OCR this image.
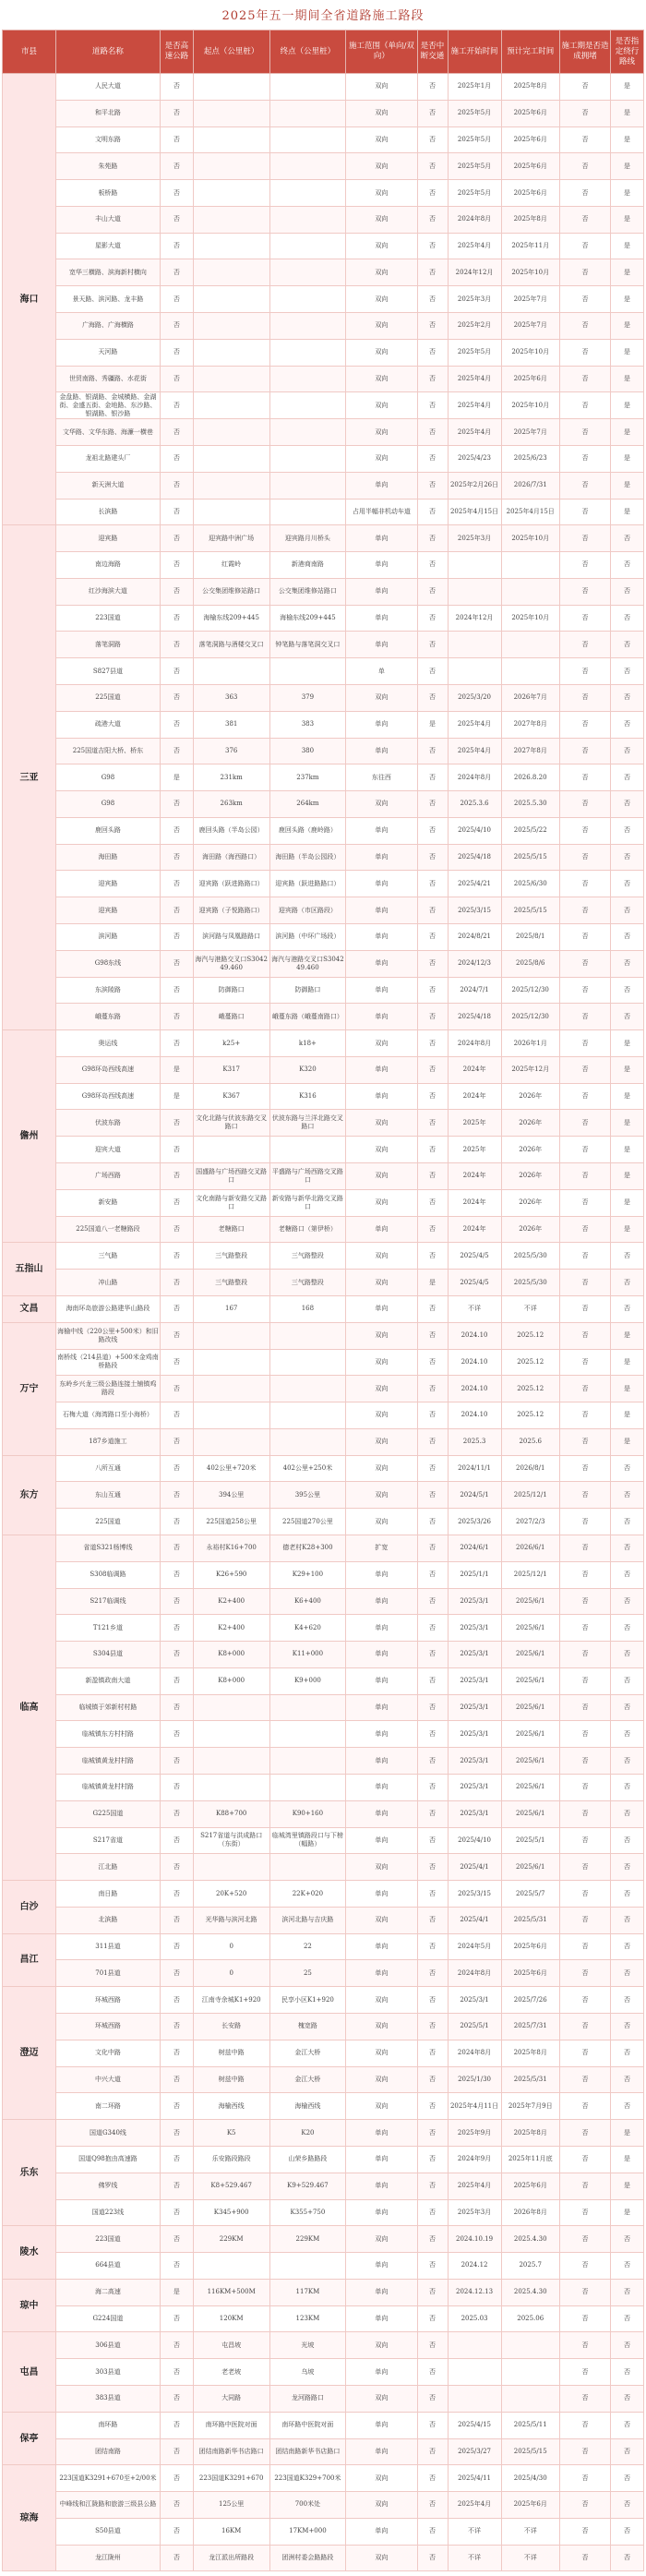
2025年五一期间全省道路施工路段
市县	道路名称	是否高速公路	起点（公里桩）	终点（公里桩）	施工范围（单向/双向）	是否中断交通	施工开始时间	预计完工时间	施工期是否造成拥堵	是否指定绕行路线
海口	人民大道	否			双向	否	2025年1月	2025年8月	否	是
	和平北路	否			双向	否	2025年5月	2025年6月	否	是
	文明东路	否			双向	否	2025年5月	2025年6月	否	是
	朱苑路	否			双向	否	2025年5月	2025年6月	否	是
	板桥路	否			双向	否	2025年5月	2025年6月	否	是
	丰山大道	否			双向	否	2024年8月	2025年8月	否	是
	星影大道	否			双向	否	2025年4月	2025年11月	否	是
	宽华三横路、滨海新村横向	否			双向	否	2024年12月	2025年10月	否	是
	景天路、滨河路、龙丰路	否			双向	否	2025年3月	2025年7月	否	是
	广海路、广海横路	否			双向	否	2025年2月	2025年7月	否	是
	天河路	否			双向	否	2025年5月	2025年10月	否	是
	世贸南路、秀疆路、水花街	否			双向	否	2025年4月	2025年6月	否	是
	金盘路、银湖路、金城横路、金湖街、金盛五街、金地路、东沙路、银湖路、银沙路	否			双向	否	2025年4月	2025年10月	否	是
	文华路、文华东路、海濂一横巷	否			双向	否	2025年4月	2025年7月	否	是
	龙祖北路建头厂	否			双向	否	2025/4/23	2025/6/23	否	是
	新天洲大道	否			单向	否	2025年2月26日	2026/7/31	否	是
	长滨路	否			占用半幅非机动车道	否	2025年4月15日	2025年4月15日	否	是
三亚	迎宾路	否	迎宾路中洲广场	迎宾路月川桥头	单向	否	2025年3月	2025年10月	否	否
	南边海路	否	红霞岭	新港商南路	单向	否			否	否
	红沙海滨大道	否	公交集团维修站路口	公交集团维修站路口	单向	否			否	否
	223国道	否	海榆东线209+445	海榆东线209+445	单向	否	2024年12月	2025年10月	否	否
	落笔洞路	否	落笔洞路与酒楼交叉口	钟笔路与落笔洞交叉口	单向	否			否	否
	S827县道	否			单	否			否	否
	225国道	否	363	379	双向	否	2025/3/20	2026年7月	否	否
	疏港大道	否	381	383	单向	是	2025年4月	2027年8月	否	否
	225国道吉阳大桥、桥东	否	376	380	单向	否	2025年4月	2027年8月	否	否
	G98	是	231km	237km	东往西	否	2024年8月	2026.8.20	否	否
	G98	否	263km	264km	双向	否	2025.3.6	2025.5.30	否	否
	鹿回头路	否	鹿回头路（半岛公园）	鹿回头路（鹿岭路）	单向	否	2025/4/10	2025/5/22	否	否
	海田路	否	海田路（海西路口）	海田路（半岛公园段）	单向	否	2025/4/18	2025/5/15	否	否
	迎宾路	否	迎宾路（跃进路路口）	迎宾路（跃进路路口）	单向	否	2025/4/21	2025/6/30	否	否
	迎宾路	否	迎宾路（子悦路路口）	迎宾路（市区路段）	单向	否	2025/3/15	2025/5/15	否	否
	滨河路	否	滨河路与凤凰路路口	滨河路（中环广场段）	单向	否	2024/8/21	2025/8/1	否	否
	G98东线	否	海汽与港路交叉口S304249.460	海汽与港路交叉口S304249.460	单向	否	2024/12/3	2025/8/6	否	否
	东滨陵路	否	防御路口	防御路口	单向	否	2024/7/1	2025/12/30	否	否
	峨蔓东路	否	峨蔓路口	峨蔓东路（峨蔓南路口）	单向	否	2025/4/18	2025/12/30	否	否
儋州	奥运线	否	k25+	k18+	双向	否	2024年8月	2026年1月	否	是
	G98环岛西线高速	是	K317	K320	单向	否	2024年	2025年12月	否	是
	G98环岛西线高速	是	K367	K316	单向	否	2024年	2026年	否	是
	伏波东路	否	文化北路与伏波东路交叉路口	伏波东路与兰洋北路交叉路口	双向	否	2025年	2026年	否	是
	迎宾大道	否			双向	否	2025年	2026年	否	是
	广场西路	否	国盛路与广场西路交叉路口	平盛路与广场西路交叉路口	双向	否	2024年	2026年	否	是
	新安路	否	文化南路与新安路交叉路口	新安路与新华北路交叉路口	双向	否	2024年	2026年	否	是
	225国道八一老糖路段	否	老糖路口	老糖路口（第伊桥）	单向	否	2024年	2026年	否	是
五指山	三气路	否	三气路整段	三气路整段	双向	否	2025/4/5	2025/5/30	否	否
	冲山路	否	三气路整段	三气路整段	双向	是	2025/4/5	2025/5/30	否	否
文昌	海南环岛旅游公路建华山路段	否	167	168	单向	否	不详	不详	否	否
万宁	海榆中线（220公里+500米）和旧路改线	否			双向	否	2024.10	2025.12	否	是
	南桥线（214县道）+500米金鸡南桥路段	否			双向	否	2024.10	2025.12	否	是
	东岭乡兴龙三级公路连接土铺镇鸡路段	否			双向	否	2024.10	2025.12	否	是
	石梅大道（海湾路口至小海桥）	否			双向	否	2024.10	2025.12	否	是
	187乡道施工	否			双向	否	2025.3	2025.6	否	是
东方	八所互通	否	402公里+720米	402公里+250米	双向	否	2024/11/1	2026/8/1	否	否
	东山互通	否	394公里	395公里	双向	否	2024/5/1	2025/12/1	否	否
	225国道	否	225国道258公里	225国道270公里	双向	否	2025/3/26	2027/2/3	否	否
临高	省道S321杨博线	否	永裕村K16+700	德老村K28+300	扩宽	否	2024/6/1	2026/6/1	否	否
	S308临调路	否	K26+590	K29+100	单向	否	2025/1/1	2025/12/1	否	否
	S217临调线	否	K2+400	K6+400	单向	否	2025/3/1	2025/6/1	否	否
	T121乡道	否	K2+400	K4+620	单向	否	2025/3/1	2025/6/1	否	否
	S304县道	否	K8+000	K11+000	单向	否	2025/3/1	2025/6/1	否	否
	新盈镇政南大道	否	K8+000	K9+000	单向	否	2025/3/1	2025/6/1	否	否
	临城镇于郊新村村路	否			单向	否	2025/3/1	2025/6/1	否	否
	临城镇东方村村路	否			单向	否	2025/3/1	2025/6/1	否	否
	临城镇黄龙村村路	否			单向	否	2025/3/1	2025/6/1	否	否
	临城镇黄龙村村路	否			单向	否	2025/3/1	2025/6/1	否	否
	G225国道	否	K88+700	K90+160	单向	否	2025/3/1	2025/6/1	否	否
	S217省道	否	S217省道与洪成路口（东街）	临城湾里镇路段口与下榜（幅路）	单向	否	2025/4/10	2025/5/1	否	否
	江北路	否			双向	否	2025/4/1	2025/6/1	否	否
白沙	南日路	否	20K+520	22K+020	单向	否	2025/3/15	2025/5/7	否	否
	北滨路	否	光华路与滨河北路	滨河北路与吉庆路	双向	否	2025/4/1	2025/5/31	否	否
昌江	311县道	否	0	22	单向	否	2024年5月	2025年6月	否	否
	701县道	否	0	25	单向	否	2024年8月	2025年6月	否	否
澄迈	环城西路	否	江南寺余城K1+920	民享小区K1+920	双向	否	2025/3/1	2025/7/26	否	否
	环城西路	否	长安路	槐宽路	双向	否	2025/5/1	2025/7/31	否	否
	文化中路	否	树兹中路	金江大桥	双向	否	2024年8月	2025年8月	否	否
	中兴大道	否	树兹中路	金江大桥	双向	否	2025/1/30	2025/5/31	否	否
	南二环路	否	海榆西线	海榆西线	双向	否	2025年4月11日	2025年7月9日	否	否
乐东	国道G340线	否	K5	K20	单向	否	2025年9月	2025年8月	否	是
	国道Q98抱由高速路	否	乐安路段路段	山荣乡路路段	单向	否	2024年9月	2025年11月底	否	是
	佛罗线	否	K8+529.467	K9+529.467	单向	否	2025年4月	2025年6月	否	是
	国道223线	否	K345+900	K355+750	单向	否	2025年3月	2026年8月	否	是
陵水	223国道	否	229KM	229KM	双向	否	2024.10.19	2025.4.30	否	否
	664县道	否			单向	否	2024.12	2025.7	否	否
琼中	海二高速	是	116KM+500M	117KM	单向	否	2024.12.13	2025.4.30	否	否
	G224国道	否	120KM	123KM	单向	否	2025.03	2025.06	否	否
屯昌	306县道	否	屯昌坡	光坡	双向	否			否	否
	303县道	否	老老坡	乌坡	单向	否			否	否
	383县道	否	大同路	龙河路路口	双向	否			否	否
保亭	南环路	否	南环路中医院对面	南环路中医院对面	单向	否	2025/4/15	2025/5/11	否	否
	团结南路	否	团结南路新华书店路口	团结南路新华书店路口	单向	否	2025/3/27	2025/5/15	否	否
琼海	223国道K3291+670至+2/00米	否	223国道K3291+670	223国道K329+700米	双向	否	2025/4/11	2025/4/30	否	否
	中峰线和江陇路和旅游三级县公路	否	125公里	700米处	双向	否	2025年4月	2025年6月	否	否
	S50县道	否	16KM	17KM+000	单向	否	不详	不详	否	否
	龙江陇州	否	龙江派出所路段	团洲村委会路路段	双向	否	不详	不详	否	否
